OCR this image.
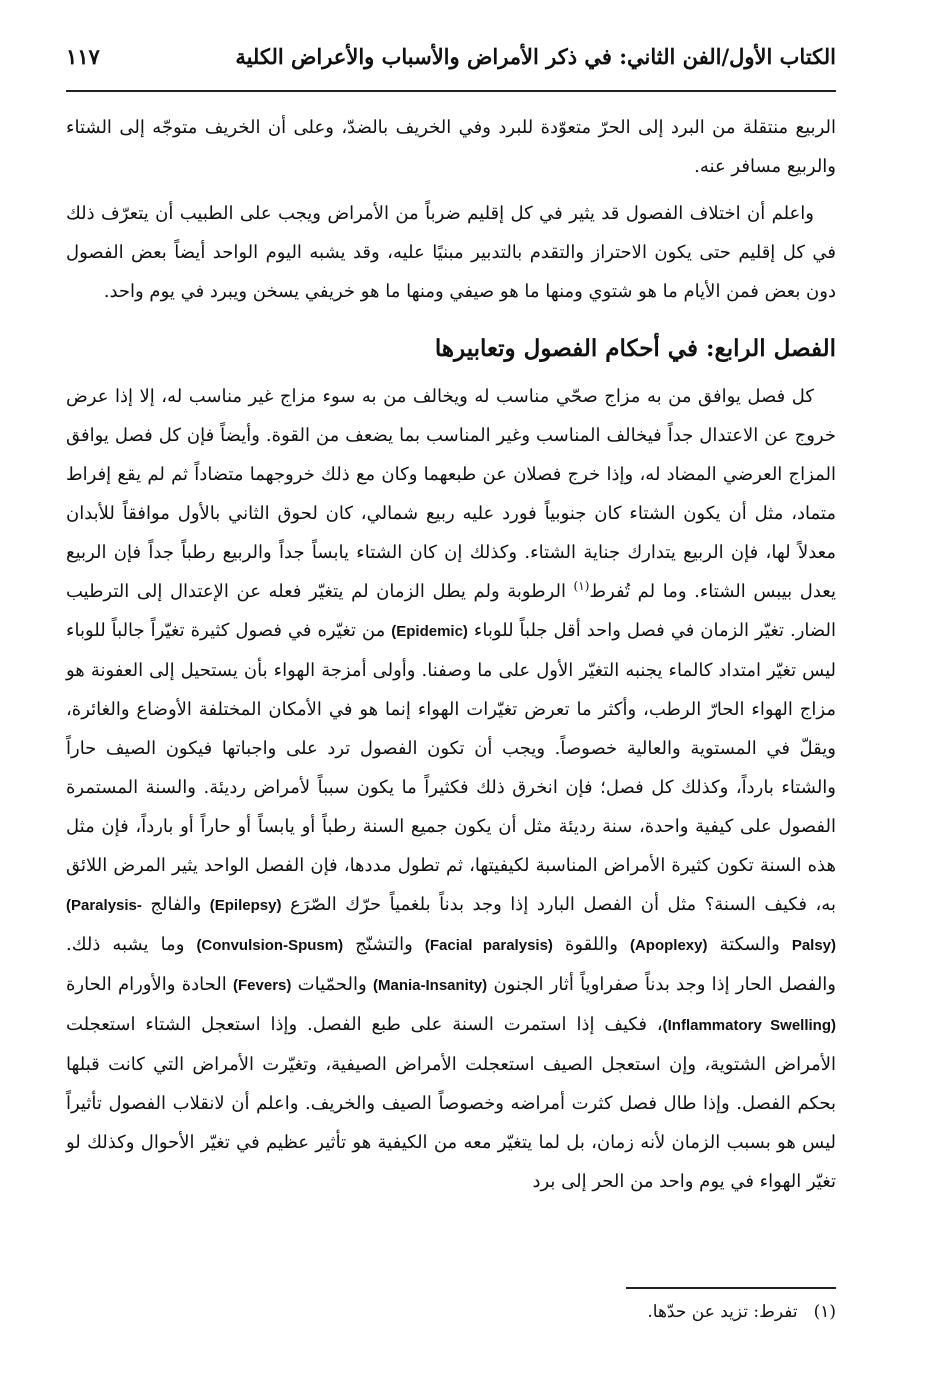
الكتاب الأول/الفن الثاني: في ذكر الأمراض والأسباب والأعراض الكلية
١١٧

الربيع منتقلة من البرد إلى الحرّ متعوّدة للبرد وفي الخريف بالضدّ، وعلى أن الخريف متوجّه إلى الشتاء والربيع مسافر عنه.

واعلم أن اختلاف الفصول قد يثير في كل إقليم ضرباً من الأمراض ويجب على الطبيب أن يتعرّف ذلك في كل إقليم حتى يكون الاحتراز والتقدم بالتدبير مبنيًا عليه، وقد يشبه اليوم الواحد أيضاً بعض الفصول دون بعض فمن الأيام ما هو شتوي ومنها ما هو صيفي ومنها ما هو خريفي يسخن ويبرد في يوم واحد.

الفصل الرابع: في أحكام الفصول وتعابيرها

كل فصل يوافق من به مزاج صحّي مناسب له ويخالف من به سوء مزاج غير مناسب له، إلا إذا عرض خروج عن الاعتدال جداً فيخالف المناسب وغير المناسب بما يضعف من القوة. وأيضاً فإن كل فصل يوافق المزاج العرضي المضاد له، وإذا خرج فصلان عن طبعهما وكان مع ذلك خروجهما متضاداً ثم لم يقع إفراط متماد، مثل أن يكون الشتاء كان جنوبياً فورد عليه ربيع شمالي، كان لحوق الثاني بالأول موافقاً للأبدان معدلاً لها، فإن الربيع يتدارك جناية الشتاء. وكذلك إن كان الشتاء يابساً جداً والربيع رطباً جداً فإن الربيع يعدل بيبس الشتاء. وما لم تُفرط$^{(١)}$ الرطوبة ولم يطل الزمان لم يتغيّر فعله عن الإعتدال إلى الترطيب الضار. تغيّر الزمان في فصل واحد أقل جلباً للوباء (Epidemic) من تغيّره في فصول كثيرة تغيّراً جالباً للوباء ليس تغيّر امتداد كالماء يجنبه التغيّر الأول على ما وصفنا. وأولى أمزجة الهواء بأن يستحيل إلى العفونة هو مزاج الهواء الحارّ الرطب، وأكثر ما تعرض تغيّرات الهواء إنما هو في الأمكان المختلفة الأوضاع والغائرة، ويقلّ في المستوية والعالية خصوصاً. ويجب أن تكون الفصول ترد على واجباتها فيكون الصيف حاراً والشتاء بارداً، وكذلك كل فصل؛ فإن انخرق ذلك فكثيراً ما يكون سبباً لأمراض رديئة. والسنة المستمرة الفصول على كيفية واحدة، سنة رديئة مثل أن يكون جميع السنة رطباً أو يابساً أو حاراً أو بارداً، فإن مثل هذه السنة تكون كثيرة الأمراض المناسبة لكيفيتها، ثم تطول مددها، فإن الفصل الواحد يثير المرض اللائق به، فكيف السنة؟ مثل أن الفصل البارد إذا وجد بدناً بلغمياً حرّك الصّرَع (Epilepsy) والفالج (Paralysis-Palsy) والسكتة (Apoplexy) واللقوة (Facial paralysis) والتشنّج (Convulsion-Spusm) وما يشبه ذلك. والفصل الحار إذا وجد بدناً صفراوياً أثار الجنون (Mania-Insanity) والحمّيات (Fevers) الحادة والأورام الحارة (Inflammatory Swelling)، فكيف إذا استمرت السنة على طبع الفصل. وإذا استعجل الشتاء استعجلت الأمراض الشتوية، وإن استعجل الصيف استعجلت الأمراض الصيفية، وتغيّرت الأمراض التي كانت قبلها بحكم الفصل. وإذا طال فصل كثرت أمراضه وخصوصاً الصيف والخريف. واعلم أن لانقلاب الفصول تأثيراً ليس هو بسبب الزمان لأنه زمان، بل لما يتغيّر معه من الكيفية هو تأثير عظيم في تغيّر الأحوال وكذلك لو تغيّر الهواء في يوم واحد من الحر إلى برد

(١)تفرط: تزيد عن حدّها.
